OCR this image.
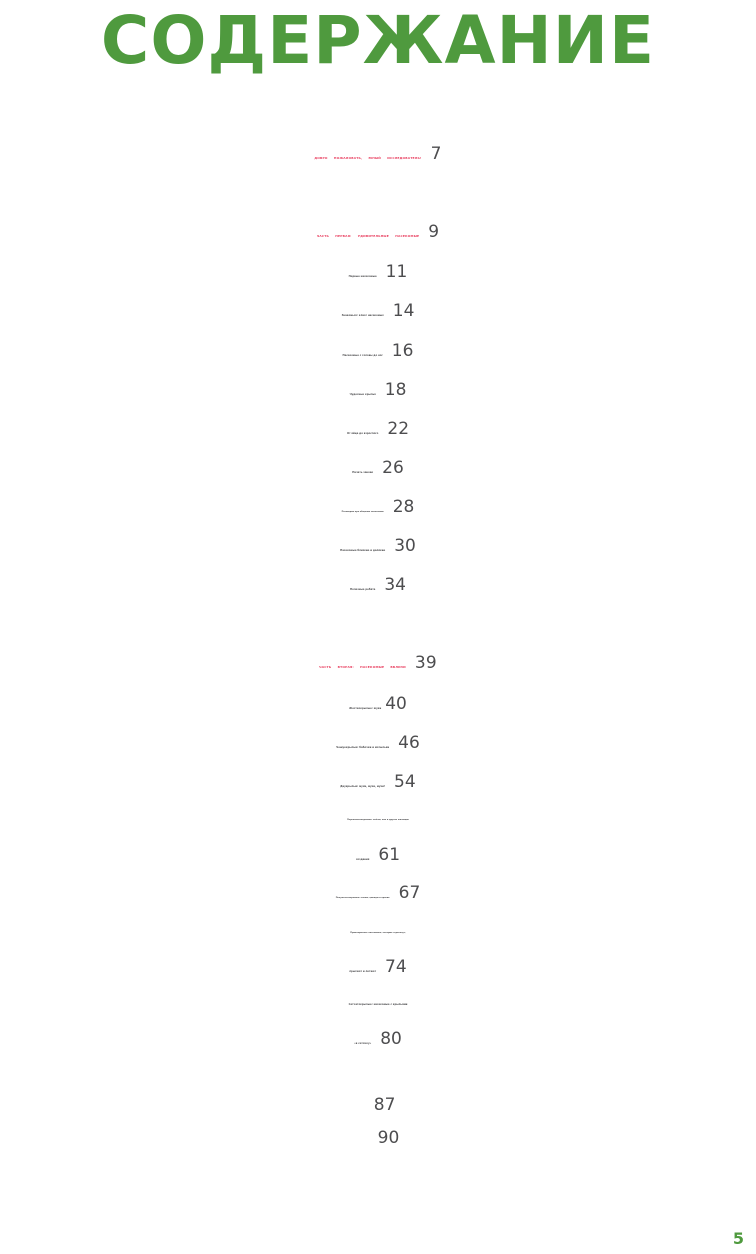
СОДЕРЖАНИЕ
ДОБРО ПОЖАЛОВАТЬ, ЮНЫЙ ИССЛЕДОВАТЕЛЬ! 7
ЧАСТЬ ПЕРВАЯ: УДИВИТЕЛЬНЫЕ НАСЕКОМЫЕ 9
Первые насекомые 11
Знакомься: класс насекомых 14
Насекомые с головы до ног 16
Чудесные крылья 18
От яйца до взрослого 22
Начать заново 26
Поговорим про общение насекомых 28
Насекомые близкие и далёкие 30
Полезные ребята 34
ЧАСТЬ ВТОРАЯ: НАСЕКОМЫЕ ВБЛИЗИ 39
Жесткокрылые: жуки 40
Чешуекрылые: бабочки и мотыльки 46
Двукрылые: мухи, мухи, мухи! 54
Перепончатокрылые: пчёлы, осы и другие жалящие
создания 61
Полужесткокрылые: клопы, цикады и прочие 67
Прямокрылые: насекомые, которые стрекочут,
прыгают и летают 74
Сетчатокрылые: насекомые с крыльями
«в сеточку» 80
87
90
5
